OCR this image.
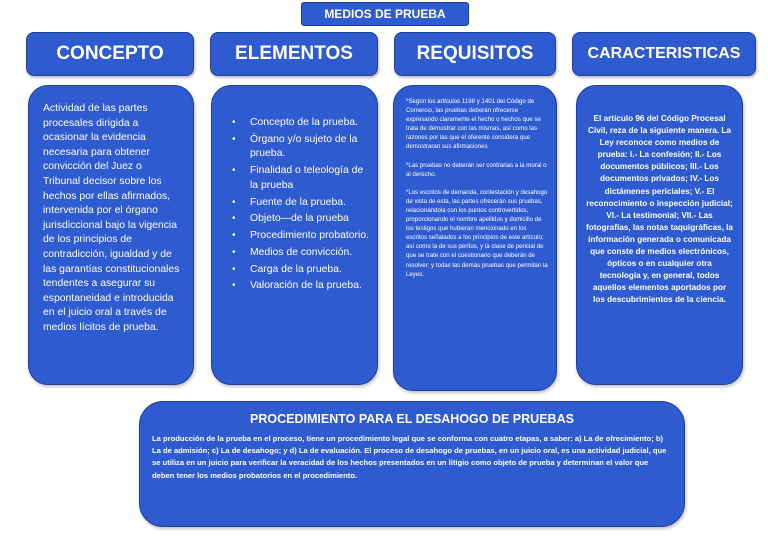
MEDIOS DE PRUEBA
CONCEPTO	ELEMENTOS	REQUISITOS	CARACTERISTICAS
Actividad de las partes procesales dirigida a ocasionar la evidencia necesaria para obtener convicción del Juez o Tribunal decisor sobre los hechos por ellas afirmados, intervenida por el órgano jurisdiccional bajo la vigencia de los principios de contradicción, igualdad y de las garantías constitucionales tendentes a asegurar su espontaneidad e introducida en el juicio oral a través de medios lícitos de prueba.
• Concepto de la prueba.
• Órgano y/o sujeto de la prueba.
• Finalidad o teleología de la prueba
• Fuente de la prueba.
• Objeto—de la prueba
• Procedimiento probatorio.
• Medios de convicción.
• Carga de la prueba.
• Valoración de la prueba.

*Según los artículos 1198 y 1401 del Código de Comercio, las pruebas deberán ofrecerse expresando claramente el hecho o hechos que se trata de demostrar con las mismas, así como las razones por las que el oferente considera que demostraran sus afirmaciones

*Las pruebas no deberán ser contrarias a la moral o al derecho.

*Los escritos de demanda, contestación y desahogo de vista de esta, las partes ofrecerán sus pruebas, relacionándola con los puntos controvertidos, proporcionando el nombre apellidos y domicilio de los testigos que hubieran mencionado en los escritos señalados a los principios de este artículo; así como la de sus peritos, y la clase de pericial de que se trate con el cuestionario que deberán de resolver; y todas las demás pruebas que permitan la Leyes.

El artículo 96 del Código Procesal Civil, reza de la siguiente manera. La Ley reconoce como medios de prueba: I.- La confesión; II.- Los documentos públicos; III.- Los documentos privados; IV.- Los dictámenes periciales; V.- El reconocimiento o inspección judicial; VI.- La testimonial; VII.- Las fotografías, las notas taquigráficas, la información generada o comunicada que conste de medios electrónicos, ópticos o en cualquier otra tecnología y, en general, todos aquellos elementos aportados por los descubrimientos de la ciencia.
PROCEDIMIENTO PARA EL DESAHOGO DE PRUEBAS

La producción de la prueba en el proceso, tiene un procedimiento legal que se conforma con cuatro etapas, a saber: a) La de ofrecimiento; b) La de admisión; c) La de desahogo; y d) La de evaluación. El proceso de desahogo de pruebas, en un juicio oral, es una actividad judicial, que se utiliza en un juicio para verificar la veracidad de los hechos presentados en un litigio como objeto de prueba y determinan el valor que deben tener los medios probatorios en el procedimiento.
